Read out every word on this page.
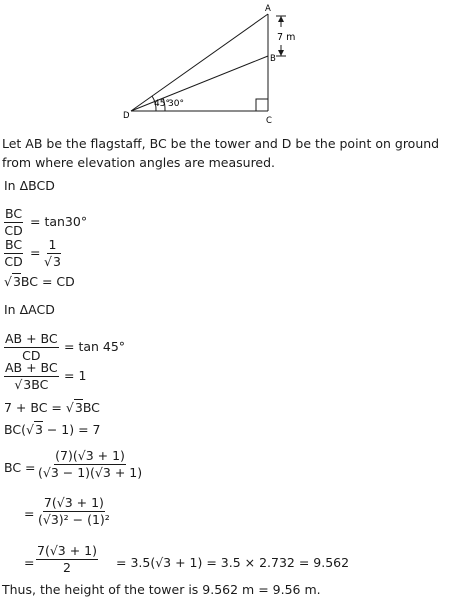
A
B
C
D
7 m
45°
30°
Let AB be the flagstaff, BC be the tower and D be the point on ground from where elevation angles are measured.
In ΔBCD
$\frac{BC}{CD} = \tan 30^\circ$
$\frac{BC}{CD} = \frac{1}{√3}$
√3BC = CD
In ΔACD
$\frac{AB + BC}{CD} = \tan 45^\circ$
$\frac{AB + BC}{√3BC} = 1$
7 + BC = √3BC
BC(√3 − 1) = 7
BC = $\frac{(7)(√3 + 1)}{(√3 - 1)(√3 + 1)}$
= $\frac{7(√3 + 1)}{\text{(√3)² − (1)²}}$
= $\frac{7(√3 + 1)}{2} = 3.5(√3 + 1) = 3.5 \times 2.732 = 9.562$
Thus, the height of the tower is 9.562 m = 9.56 m.
